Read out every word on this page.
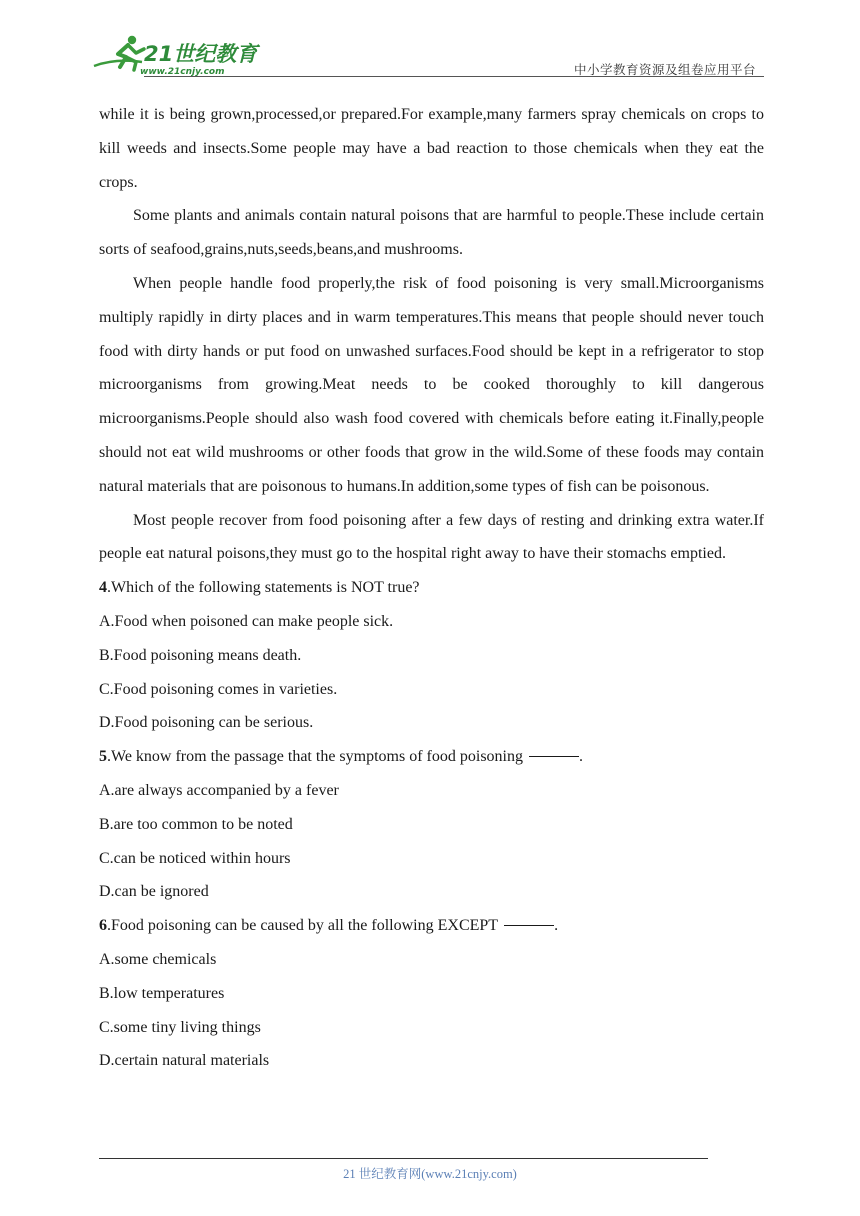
21世纪教育
www.21cnjy.com	中小学教育资源及组卷应用平台

while it is being grown,processed,or prepared.For example,many farmers spray chemicals on crops to kill weeds and insects.Some people may have a bad reaction to those chemicals when they eat the crops.

Some plants and animals contain natural poisons that are harmful to people.These include certain sorts of seafood,grains,nuts,seeds,beans,and mushrooms.

When people handle food properly,the risk of food poisoning is very small.Microorganisms multiply rapidly in dirty places and in warm temperatures.This means that people should never touch food with dirty hands or put food on unwashed surfaces.Food should be kept in a refrigerator to stop microorganisms from growing.Meat needs to be cooked thoroughly to kill dangerous microorganisms.People should also wash food covered with chemicals before eating it.Finally,people should not eat wild mushrooms or other foods that grow in the wild.Some of these foods may contain natural materials that are poisonous to humans.In addition,some types of fish can be poisonous.

Most people recover from food poisoning after a few days of resting and drinking extra water.If people eat natural poisons,they must go to the hospital right away to have their stomachs emptied.

4.Which of the following statements is NOT true?

A.Food when poisoned can make people sick.

B.Food poisoning means death.

C.Food poisoning comes in varieties.

D.Food poisoning can be serious.

5.We know from the passage that the symptoms of food poisoning	.

A.are always accompanied by a fever

B.are too common to be noted

C.can be noticed within hours

D.can be ignored

6.Food poisoning can be caused by all the following EXCEPT	.

A.some chemicals

B.low temperatures

C.some tiny living things

D.certain natural materials

21 世纪教育网(www.21cnjy.com)
